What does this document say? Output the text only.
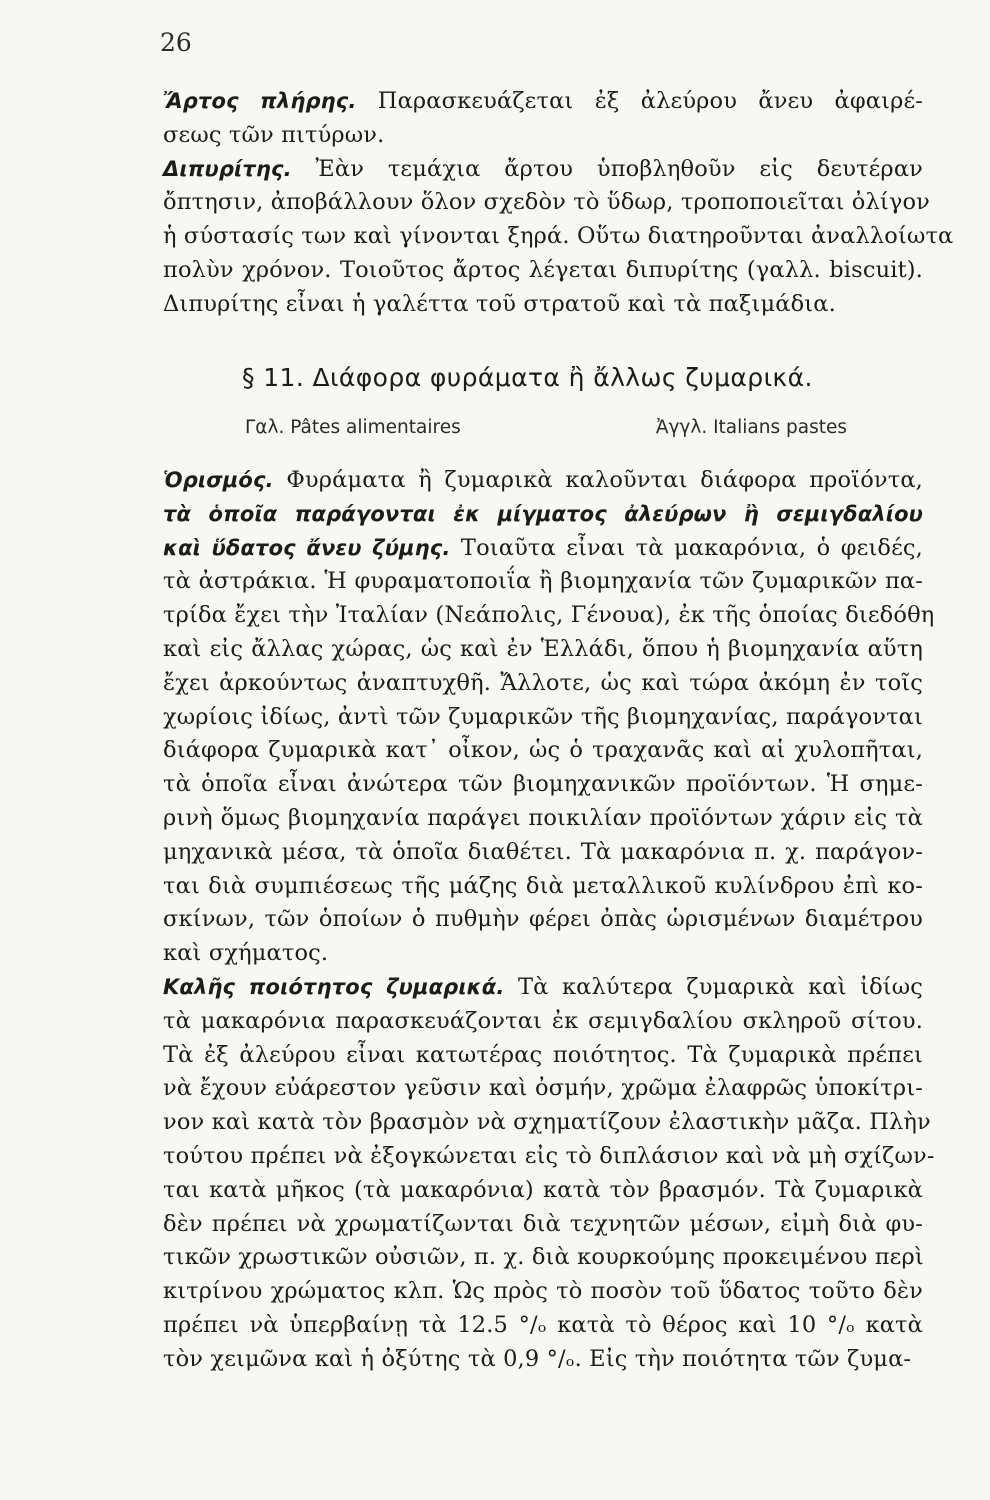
26
Ἄρτος πλήρης. Παρασκευάζεται ἐξ ἀλεύρου ἄνευ ἀφαιρέ-
σεως τῶν πιτύρων.
Διπυρίτης. Ἐὰν τεμάχια ἄρτου ὑποβληθοῦν εἰς δευτέραν
ὄπτησιν, ἀποβάλλουν ὅλον σχεδὸν τὸ ὕδωρ, τροποποιεῖται ὀλίγον
ἡ σύστασίς των καὶ γίνονται ξηρά. Οὕτω διατηροῦνται ἀναλλοίωτα
πολὺν χρόνον. Τοιοῦτος ἄρτος λέγεται διπυρίτης (γαλλ. biscuit).
Διπυρίτης εἶναι ἡ γαλέττα τοῦ στρατοῦ καὶ τὰ παξιμάδια.
§ 11. Διάφορα φυράματα ἢ ἄλλως ζυμαρικά.
Γαλ. Pâtes alimentaires	Ἀγγλ. Italians pastes
Ὁρισμός. Φυράματα ἢ ζυμαρικὰ καλοῦνται διάφορα προϊόντα,
τὰ ὁποῖα παράγονται ἐκ μίγματος ἀλεύρων ἢ σεμιγδαλίου
καὶ ὕδατος ἄνευ ζύμης. Τοιαῦτα εἶναι τὰ μακαρόνια, ὁ φειδές,
τὰ ἀστράκια. Ἡ φυραματοποιΐα ἢ βιομηχανία τῶν ζυμαρικῶν πα-
τρίδα ἔχει τὴν Ἰταλίαν (Νεάπολις, Γένουα), ἐκ τῆς ὁποίας διεδόθη
καὶ εἰς ἄλλας χώρας, ὡς καὶ ἐν Ἑλλάδι, ὅπου ἡ βιομηχανία αὕτη
ἔχει ἀρκούντως ἀναπτυχθῆ. Ἄλλοτε, ὡς καὶ τώρα ἀκόμη ἐν τοῖς
χωρίοις ἰδίως, ἀντὶ τῶν ζυμαρικῶν τῆς βιομηχανίας, παράγονται
διάφορα ζυμαρικὰ κατ᾿ οἶκον, ὡς ὁ τραχανᾶς καὶ αἱ χυλοπῆται,
τὰ ὁποῖα εἶναι ἀνώτερα τῶν βιομηχανικῶν προϊόντων. Ἡ σημε-
ρινὴ ὅμως βιομηχανία παράγει ποικιλίαν προϊόντων χάριν εἰς τὰ
μηχανικὰ μέσα, τὰ ὁποῖα διαθέτει. Τὰ μακαρόνια π. χ. παράγον-
ται διὰ συμπιέσεως τῆς μάζης διὰ μεταλλικοῦ κυλίνδρου ἐπὶ κο-
σκίνων, τῶν ὁποίων ὁ πυθμὴν φέρει ὀπὰς ὡρισμένων διαμέτρου
καὶ σχήματος.
Καλῆς ποιότητος ζυμαρικά. Τὰ καλύτερα ζυμαρικὰ καὶ ἰδίως
τὰ μακαρόνια παρασκευάζονται ἐκ σεμιγδαλίου σκληροῦ σίτου.
Τὰ ἐξ ἀλεύρου εἶναι κατωτέρας ποιότητος. Τὰ ζυμαρικὰ πρέπει
νὰ ἔχουν εὐάρεστον γεῦσιν καὶ ὀσμήν, χρῶμα ἐλαφρῶς ὑποκίτρι-
νον καὶ κατὰ τὸν βρασμὸν νὰ σχηματίζουν ἐλαστικὴν μᾶζα. Πλὴν
τούτου πρέπει νὰ ἐξογκώνεται εἰς τὸ διπλάσιον καὶ νὰ μὴ σχίζων-
ται κατὰ μῆκος (τὰ μακαρόνια) κατὰ τὸν βρασμόν. Τὰ ζυμαρικὰ
δὲν πρέπει νὰ χρωματίζωνται διὰ τεχνητῶν μέσων, εἰμὴ διὰ φυ-
τικῶν χρωστικῶν οὐσιῶν, π. χ. διὰ κουρκούμης προκειμένου περὶ
κιτρίνου χρώματος κλπ. Ὡς πρὸς τὸ ποσὸν τοῦ ὕδατος τοῦτο δὲν
πρέπει νὰ ὑπερβαίνῃ τὰ 12.5 °/ₒ κατὰ τὸ θέρος καὶ 10 °/ₒ κατὰ
τὸν χειμῶνα καὶ ἡ ὀξύτης τὰ 0,9 °/ₒ. Εἰς τὴν ποιότητα τῶν ζυμα-
